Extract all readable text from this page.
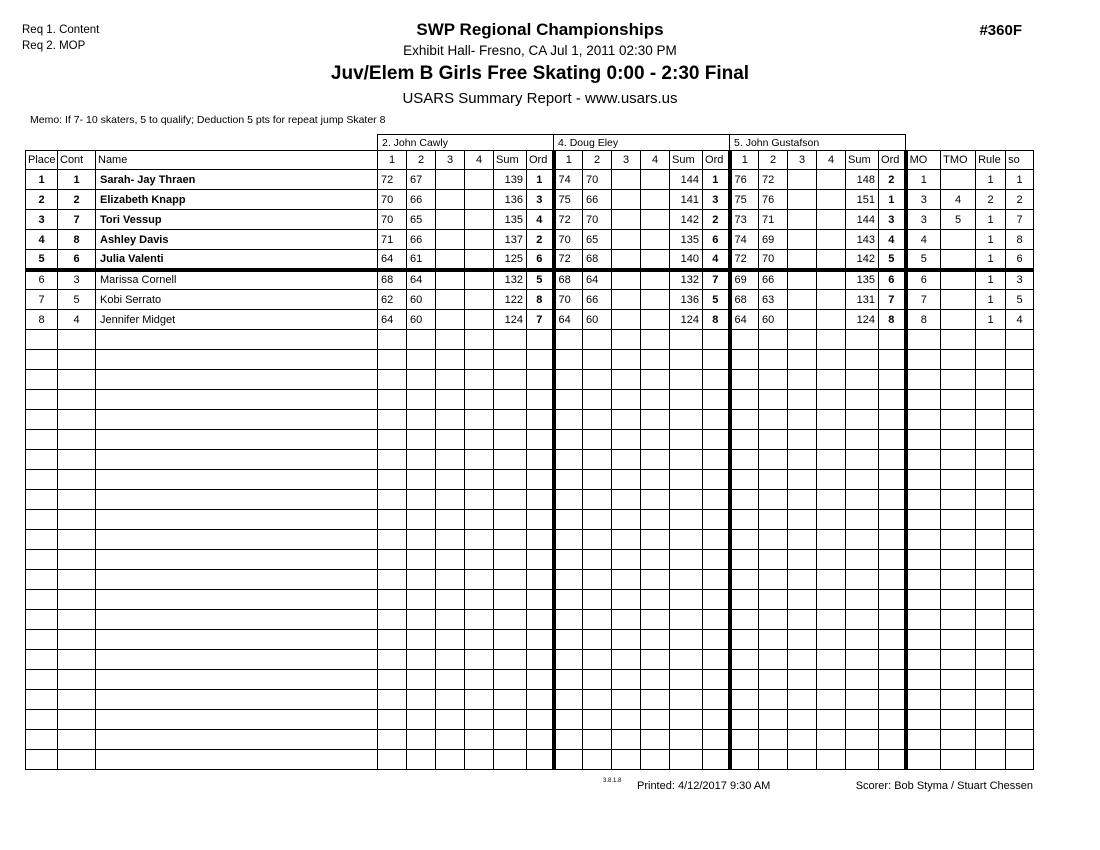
Req 1. Content
Req 2. MOP
#360F
SWP Regional Championships
Exhibit Hall- Fresno, CA Jul 1, 2011 02:30 PM
Juv/Elem B Girls Free Skating 0:00 - 2:30 Final
USARS Summary Report - www.usars.us
Memo: If 7- 10 skaters, 5 to qualify; Deduction 5 pts for repeat jump Skater 8
			2. John Cawly						4. Doug Eley						5. John Gustafson									
Place	Cont	Name	1	2	3	4	Sum	Ord	1	2	3	4	Sum	Ord	1	2	3	4	Sum	Ord	MO	TMO	Rule	so
1	1	Sarah- Jay Thraen	72	67			139	1	74	70			144	1	76	72			148	2	1		1	1
2	2	Elizabeth Knapp	70	66			136	3	75	66			141	3	75	76			151	1	3	4	2	2
3	7	Tori Vessup	70	65			135	4	72	70			142	2	73	71			144	3	3	5	1	7
4	8	Ashley Davis	71	66			137	2	70	65			135	6	74	69			143	4	4		1	8
5	6	Julia Valenti	64	61			125	6	72	68			140	4	72	70			142	5	5		1	6
6	3	Marissa Cornell	68	64			132	5	68	64			132	7	69	66			135	6	6		1	3
7	5	Kobi Serrato	62	60			122	8	70	66			136	5	68	63			131	7	7		1	5
8	4	Jennifer Midget	64	60			124	7	64	60			124	8	64	60			124	8	8		1	4

3.8.1.8 Printed: 4/12/2017 9:30 AM	Scorer: Bob Styma / Stuart Chessen
